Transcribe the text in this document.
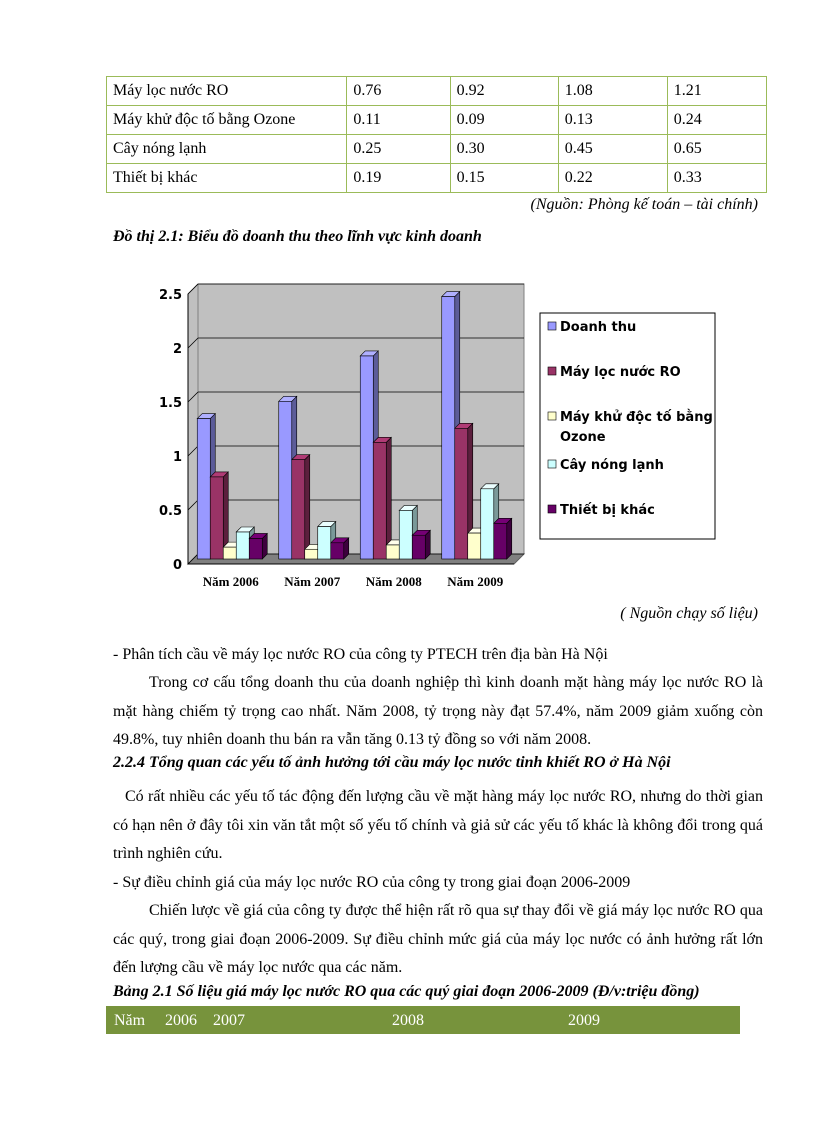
Máy lọc nước RO	0.76	0.92	1.08	1.21
Máy khử độc tố bằng Ozone	0.11	0.09	0.13	0.24
Cây nóng lạnh	0.25	0.30	0.45	0.65
Thiết bị khác	0.19	0.15	0.22	0.33
(Nguồn: Phòng kế toán – tài chính)
Đồ thị 2.1: Biểu đồ doanh thu theo lĩnh vực kinh doanh
0
0.5
1
1.5
2
2.5
Năm 2006 Năm 2007 Năm 2008 Năm 2009
Doanh thu
Máy lọc nước RO
Máy khử độc tố bằng
Ozone
Cây nóng lạnh
Thiết bị khác
( Nguồn chạy số liệu)
- Phân tích cầu về máy lọc nước RO của công ty PTECH trên địa bàn Hà Nội
Trong cơ cấu tổng doanh thu của doanh nghiệp thì kinh doanh mặt hàng máy lọc nước RO là mặt hàng chiếm tỷ trọng cao nhất. Năm 2008, tỷ trọng này đạt 57.4%, năm 2009 giảm xuống còn 49.8%, tuy nhiên doanh thu bán ra vẫn tăng 0.13 tỷ đồng so với năm 2008.
2.2.4 Tổng quan các yếu tố ảnh hưởng tới cầu máy lọc nước tinh khiết RO ở Hà Nội
Có rất nhiều các yếu tố tác động đến lượng cầu về mặt hàng máy lọc nước RO, nhưng do thời gian có hạn nên ở đây tôi xin văn tắt một số yếu tố chính và giả sử các yếu tố khác là không đổi trong quá trình nghiên cứu.
- Sự điều chỉnh giá của máy lọc nước RO của công ty trong giai đoạn 2006-2009
Chiến lược về giá của công ty được thể hiện rất rõ qua sự thay đổi về giá máy lọc nước RO qua các quý, trong giai đoạn 2006-2009. Sự điều chỉnh mức giá của máy lọc nước có ảnh hưởng rất lớn đến lượng cầu về máy lọc nước qua các năm.
Bảng 2.1 Số liệu giá máy lọc nước RO qua các quý giai đoạn 2006-2009 (Đ/v:triệu đồng)
Năm 2006 2007	2008	2009
